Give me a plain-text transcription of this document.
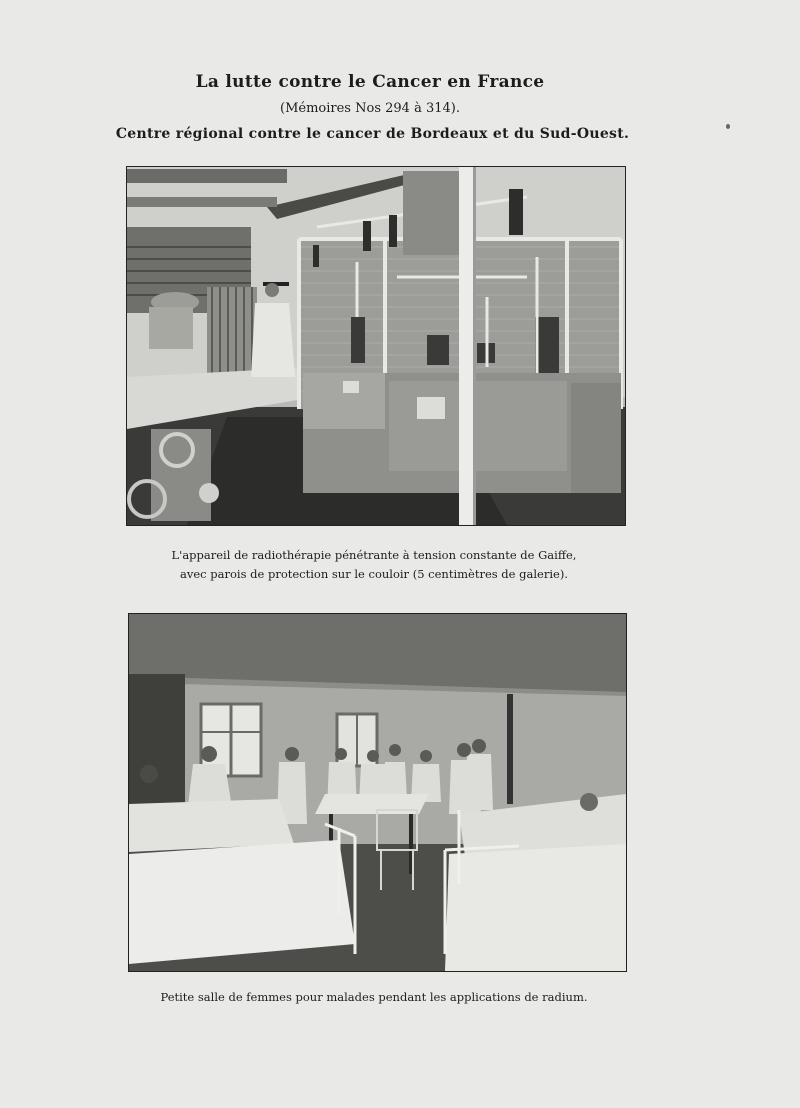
La lutte contre le Cancer en France
(Mémoires Nos 294 à 314).
Centre régional contre le cancer de Bordeaux et du Sud-Ouest.
L'appareil de radiothérapie pénétrante à tension constante de Gaiffe,
avec parois de protection sur le couloir (5 centimètres de galerie).
Petite salle de femmes pour malades pendant les applications de radium.
